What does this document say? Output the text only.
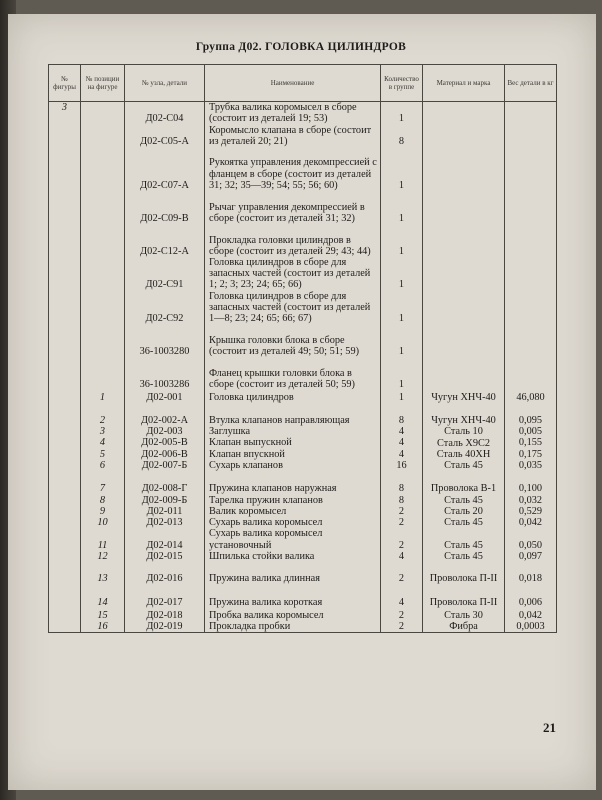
Группа Д02. ГОЛОВКА ЦИЛИНДРОВ
№ фигуры	№ позиции на фигуре	№ узла, детали	Наименование	Количество в группе	Материал и марка	Вес детали в кг
3		Д02-С04	Трубка валика коромысел в сборе (состоит из деталей 19; 53)	1		
		Д02-С05-А	Коромысло клапана в сборе (состоит из деталей 20; 21)	8		
		Д02-С07-А	Рукоятка управления декомпрессией с фланцем в сборе (состоит из деталей 31; 32; 35—39; 54; 55; 56; 60)	1		
		Д02-С09-В	Рычаг управления декомпрессией в сборе (состоит из деталей 31; 32)	1		
		Д02-С12-А	Прокладка головки цилиндров в сборе (состоит из деталей 29; 43; 44)	1		
		Д02-С91	Головка цилиндров в сборе для запасных частей (состоит из деталей 1; 2; 3; 23; 24; 65; 66)	1		
		Д02-С92	Головка цилиндров в сборе для запасных частей (состоит из деталей 1—8; 23; 24; 65; 66; 67)	1		
		36-1003280	Крышка головки блока в сборе (состоит из деталей 49; 50; 51; 59)	1		
		36-1003286	Фланец крышки головки блока в сборе (состоит из деталей 50; 59)	1		
	1	Д02-001	Головка цилиндров	1	Чугун ХНЧ-40	46,080
	2	Д02-002-А	Втулка клапанов направляющая	8	Чугун ХНЧ-40	0,095
	3	Д02-003	Заглушка	4	Сталь 10	0,005
	4	Д02-005-В	Клапан выпускной	4	Сталь Х9С2	0,155
	5	Д02-006-В	Клапан впускной	4	Сталь 40ХН	0,175
	6	Д02-007-Б	Сухарь клапанов	16	Сталь 45	0,035
	7	Д02-008-Г	Пружина клапанов наружная	8	Проволока В-1	0,100
	8	Д02-009-Б	Тарелка пружин клапанов	8	Сталь 45	0,032
	9	Д02-011	Валик коромысел	2	Сталь 20	0,529
	10	Д02-013	Сухарь валика коромысел	2	Сталь 45	0,042
	11	Д02-014	Сухарь валика коромысел установочный	2	Сталь 45	0,050
	12	Д02-015	Шпилька стойки валика	4	Сталь 45	0,097
	13	Д02-016	Пружина валика длинная	2	Проволока П-II	0,018
	14	Д02-017	Пружина валика короткая	4	Проволока П-II	0,006
	15	Д02-018	Пробка валика коромысел	2	Сталь 30	0,042
	16	Д02-019	Прокладка пробки	2	Фибра	0,0003
21
